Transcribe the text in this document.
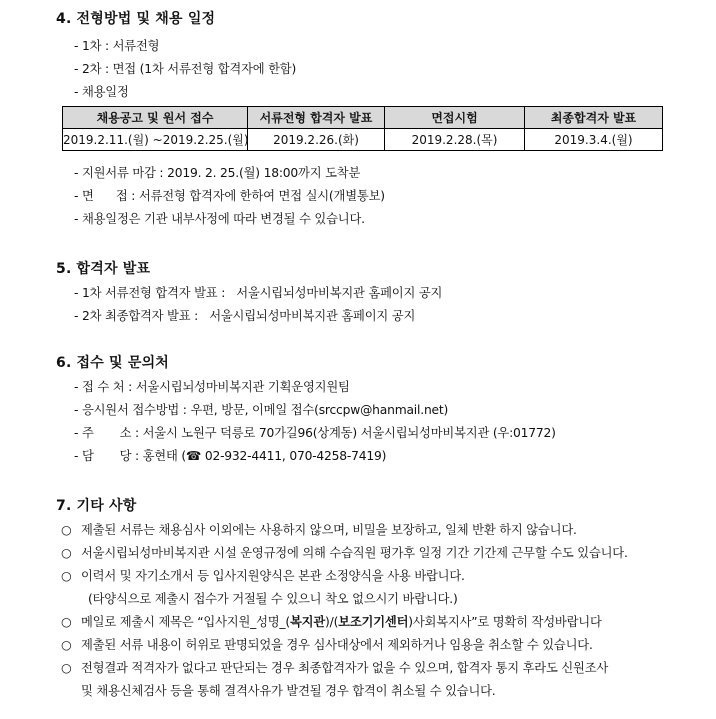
4. 전형방법 및 채용 일정
- 1차 : 서류전형
- 2차 : 면접 (1차 서류전형 합격자에 한함)
- 채용일정
채용공고 및 원서 접수	서류전형 합격자 발표	면접시험	최종합격자 발표
2019.2.11.(월) ~2019.2.25.(월)	2019.2.26.(화)	2019.2.28.(목)	2019.3.4.(월)
- 지원서류 마감 : 2019. 2. 25.(월) 18:00까지 도착분
- 면      접 : 서류전형 합격자에 한하여 면접 실시(개별통보)
- 채용일정은 기관 내부사정에 따라 변경될 수 있습니다.
5. 합격자 발표
- 1차 서류전형 합격자 발표 :   서울시립뇌성마비복지관 홈페이지 공지
- 2차 최종합격자 발표 :   서울시립뇌성마비복지관 홈페이지 공지
6. 접수 및 문의처
- 접 수 처 : 서울시립뇌성마비복지관 기획운영지원팀
- 응시원서 접수방법 : 우편, 방문, 이메일 접수(srccpw@hanmail.net)
- 주       소 : 서울시 노원구 덕릉로 70가길96(상계동) 서울시립뇌성마비복지관 (우:01772)
- 담       당 : 홍현태 (☎ 02-932-4411, 070-4258-7419)
7. 기타 사항
○ 제출된 서류는 채용심사 이외에는 사용하지 않으며, 비밀을 보장하고, 일체 반환 하지 않습니다.
○ 서울시립뇌성마비복지관 시설 운영규정에 의해 수습직원 평가후 일정 기간 기간제 근무할 수도 있습니다.
○ 이력서 및 자기소개서 등 입사지원양식은 본관 소정양식을 사용 바랍니다.
(타양식으로 제출시 접수가 거절될 수 있으니 착오 없으시기 바랍니다.)
○ 메일로 제출시 제목은 “입사지원_성명_(복지관)/(보조기기센터)사회복지사”로 명확히 작성바랍니다
○ 제출된 서류 내용이 허위로 판명되었을 경우 심사대상에서 제외하거나 임용을 취소할 수 있습니다.
○ 전형결과 적격자가 없다고 판단되는 경우 최종합격자가 없을 수 있으며, 합격자 통지 후라도 신원조사
및 채용신체검사 등을 통해 결격사유가 발견될 경우 합격이 취소될 수 있습니다.
